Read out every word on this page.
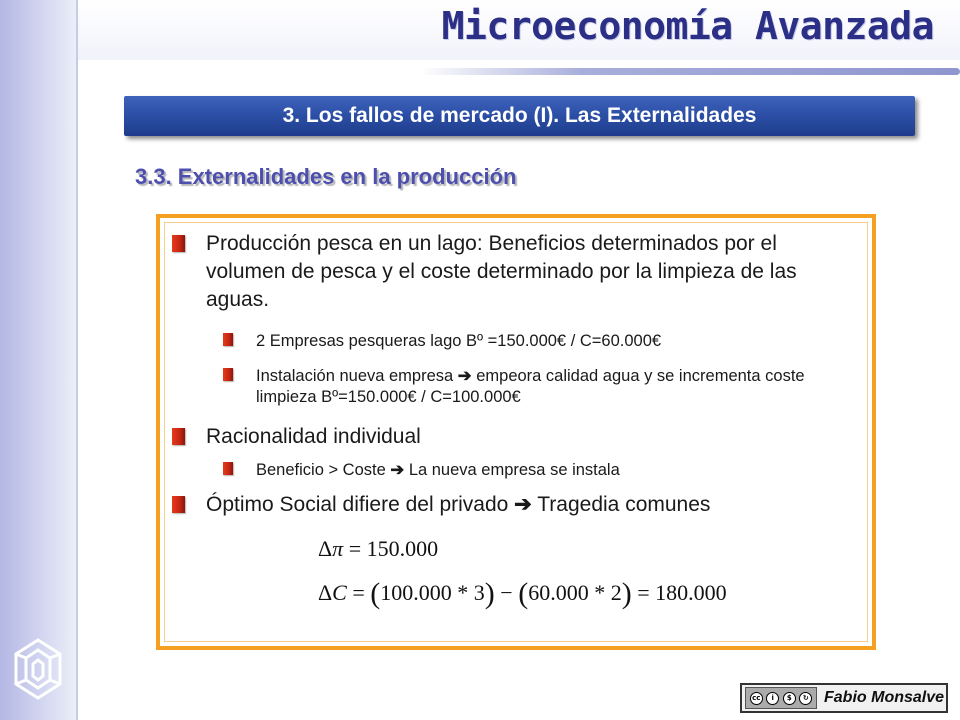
Microeconomía Avanzada
3. Los fallos de mercado (I). Las Externalidades
3.3. Externalidades en la producción

Producción pesca en un lago: Beneficios determinados por el volumen de pesca y el coste determinado por la limpieza de las aguas.

2 Empresas pesqueras lago Bº =150.000€ / C=60.000€

Instalación nueva empresa ➔ empeora calidad agua y se incrementa coste limpieza Bº=150.000€ / C=100.000€

Racionalidad individual

Beneficio > Coste ➔ La nueva empresa se instala

Óptimo Social difiere del privado ➔ Tragedia comunes

Δπ = 150.000

ΔC = (100.000 * 3) − (60.000 * 2) = 180.000

cc	i	$	↻ Fabio Monsalve
